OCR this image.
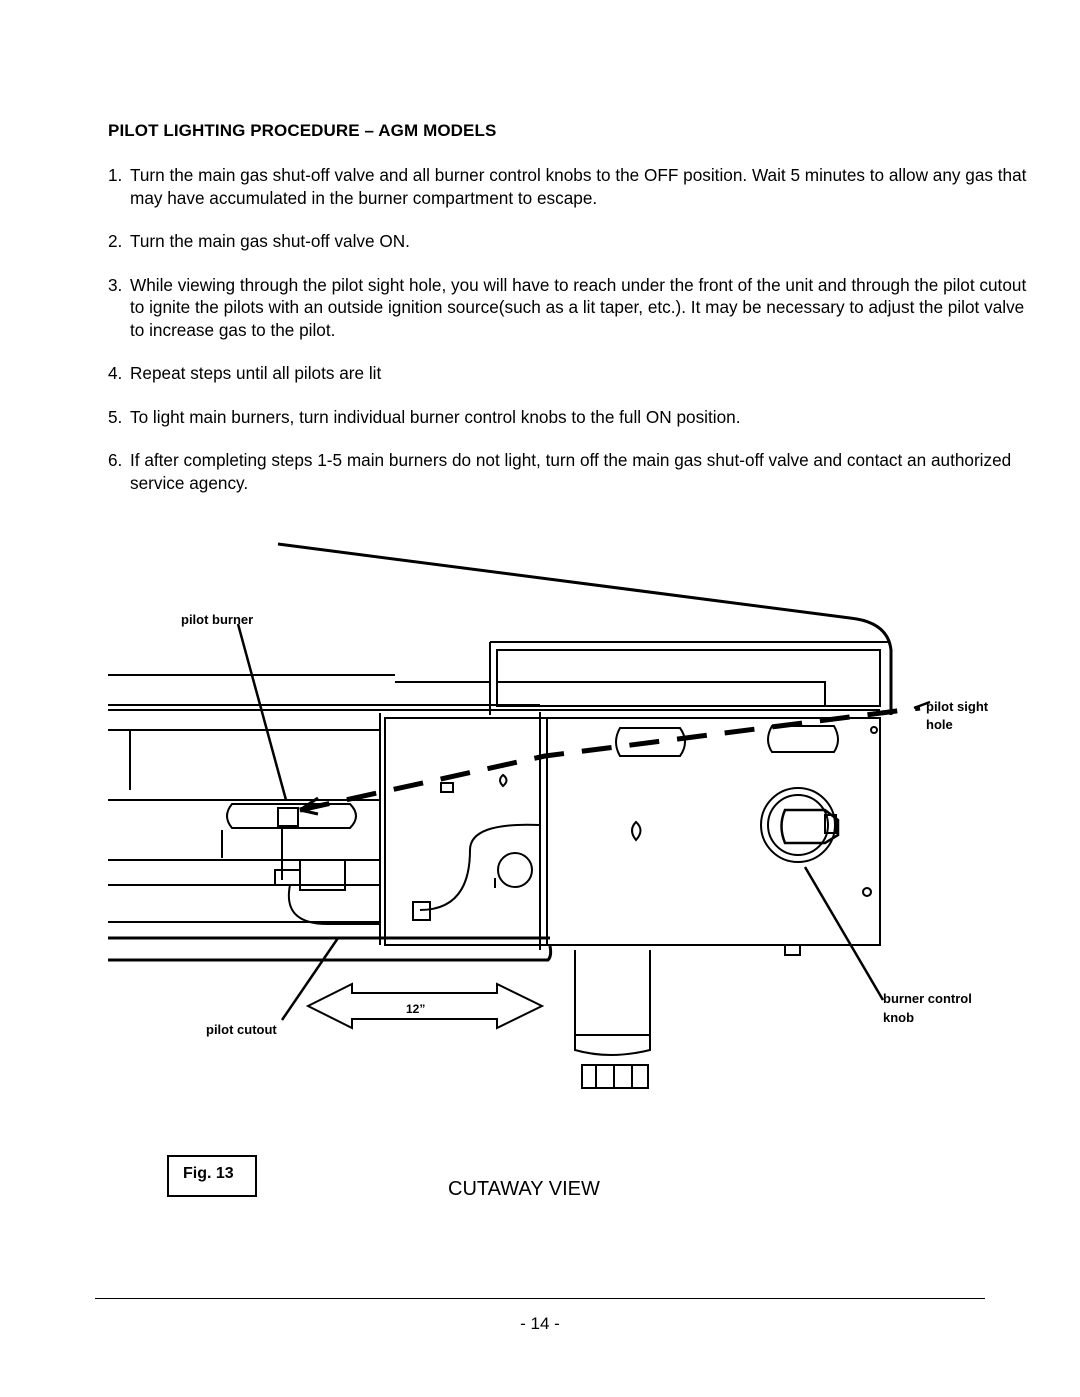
PILOT LIGHTING PROCEDURE – AGM MODELS
1. Turn the main gas shut-off valve and all burner control knobs to the OFF position. Wait 5 minutes to allow any gas that may have accumulated in the burner compartment to escape.
2. Turn the main gas shut-off valve ON.
3. While viewing through the pilot sight hole, you will have to reach under the front of the unit and through the pilot cutout to ignite the pilots with an outside ignition source(such as a lit taper, etc.). It may be necessary to adjust the pilot valve to increase gas to the pilot.
4. Repeat steps until all pilots are lit
5. To light main burners, turn individual burner control knobs to the full ON position.
6. If after completing steps 1-5 main burners do not light, turn off the main gas shut-off valve and contact an authorized service agency.
pilot burner
pilot sight
hole
burner control
knob
pilot cutout
12”
Fig. 13
CUTAWAY VIEW
- 14 -
